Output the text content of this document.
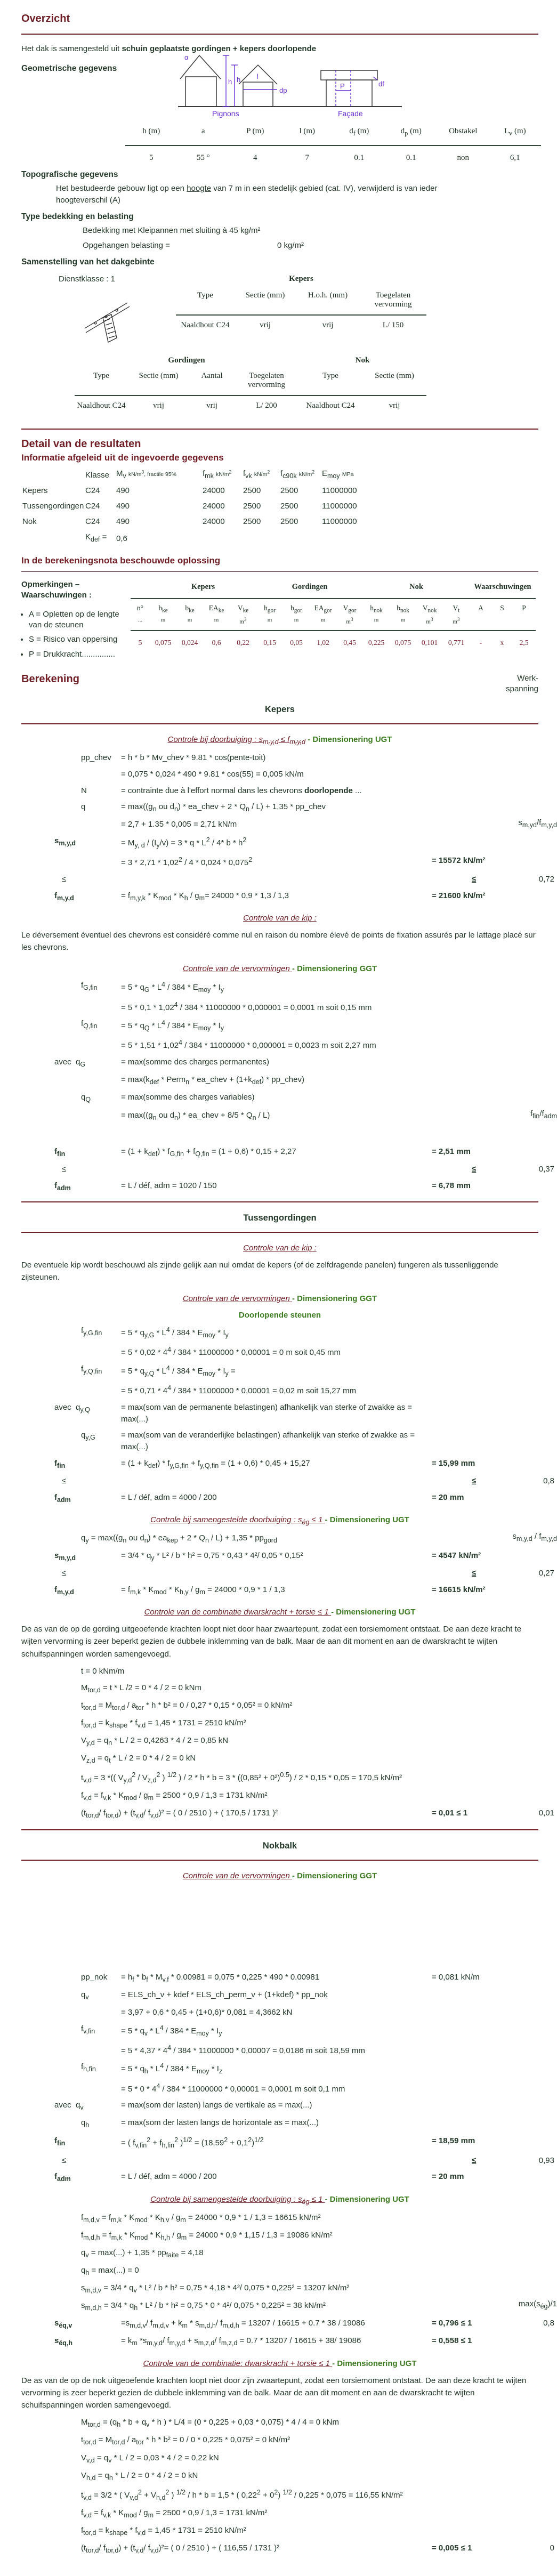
Overzicht

Het dak is samengesteld uit schuin geplaatste gordingen + kepers doorlopende

Geometrische gegevens
α
h h l
dp
P	df
Pignons	Façade
h (m)	a	P (m)	l (m)	$d_f$ (m)	$d_p$ (m)	Obstakel	$L_v$ (m)
5	55 °	4	7	0.1	0.1	non	6,1
Topografische gegevens

Het bestudeerde gebouw ligt op een hoogte van 7 m in een stedelijk gebied (cat. IV), verwijderd is van ieder hoogteverschil (A)

Type bedekking en belasting

Bedekking met Kleipannen met sluiting à 45 kg/m²

Opgehangen belasting =	0 kg/m²

Samenstelling van het dakgebinte
Dienstklasse : 1	Kepers
Type	Sectie (mm)	H.o.h. (mm)	Toegelaten vervorming
Naaldhout C24	vrij	vrij	L/ 150
Gordingen	Nok
Type	Sectie (mm)	Aantal	Toegelaten vervorming
Type	Sectie (mm)
Naaldhout C24	vrij	vrij	L/ 200	Naaldhout C24	vrij
Detail van de resultaten
Informatie afgeleid uit de ingevoerde gegevens
Klasse $M_v$ $kN/m^3$, fractile 95%	$f_{mk}$ $kN/m^2$	$f_{vk}$ $kN/m^2$	$f_{c90k}$ $kN/m^2$ $E_{moy}$ MPa
Kepers	C24	490	24000	2500	2500	11000000
Tussengordingen C24	490	24000	2500	2500	11000000
Nok	C24	490	24000	2500	2500	11000000
$K_{def}$ =	0,6
In de berekeningsnota beschouwde oplossing
Opmerkingen –
Waarschuwingen :
• A = Opletten op de lengte van de steunen
• S = Risico van oppersing
• P = Drukkracht...............
Kepers	Gordingen	Nok	Waarschuwingen
n°	$h_{ke}$	$b_{ke}$	$EA_{ke}$	$V_{ke}$	$h_{gor}$	$b_{gor}$	$EA_{gor}$	$V_{gor}$	$h_{nok}$	$b_{nok}$	$V_{nok}$	$V_t$	A	S	P
...	m	m	m	$m^3$	m	m	m	$m^3$	m	m	$m^3$	$m^3$
5	0,075	0,024	0,6	0,22	0,15	0,05	1,02	0,45	0,225	0,075	0,101	0,771	-	x	2,5
Berekening	Werk-spanning
Kepers
Controle bij doorbuiging : $s_{m,y,d} \le f_{m,y,d}$ - Dimensionering UGT
pp_chev	= h * b * Mv_chev * 9.81 * cos(pente-toit)
= 0,075 * 0,024 * 490 * 9.81 * cos(55) = 0,005 kN/m
N	= contrainte due à l'effort normal dans les chevrons doorlopende ...
q	= $\max((g_n$ ou $d_n$) * ea_chev + $2 * Q_n / L) + 1,35$ * pp_chev
= 2,7 + 1.35 * 0,005 = 2,71 kN/m	$s_{m,yd}/f_{m,y,d}$
$s_{m,y,d}$	= $M_{y, d} / (I_y/v) = 3 * q * L^2 / 4*$ b * $h^2$
= $3 * 2,71 * 1,02^2 / 4 * 0,024 * 0,075^2$	= 15572 kN/m²
≤	≤	0,72
$f_{m,y,d}$	= $f_{m,y,k} * K_{mod} * K_h / g_m= 24000 * 0,9 * 1,3 / 1,3$	= 21600 kN/m²
Controle van de kip :

Le déversement éventuel des chevrons est considéré comme nul en raison du nombre élevé de points de fixation assurés par le lattage placé sur les chevrons.

Controle van de vervormingen - Dimensionering GGT
$f_{G,fin}$	= $5 * q_G * L^4 / 384 * E_{moy} * I_y$
= 5 * 0,1 * 1,02$^4$ / 384 * 11000000 * 0,000001 = 0,0001 m soit 0,15 mm
$f_{Q,fin}$	= $5 * q_Q * L^4 / 384 * E_{moy} * I_y$
= 5 * 1,51 * 1,02$^4$ / 384 * 11000000 * 0,000001 = 0,0023 m soit 2,27 mm
avec  $q_G$	= max(somme des charges permanentes)
= $\max(k_{def}$ * Perm$_n$ * ea_chev + $(1+k_{def})$ * pp_chev)
$q_Q$	= max(somme des charges variables)
= $\max((g_n$ ou $d_n$) * ea_chev + $8/5 * Q_n / L$)	$f_{fin}/f_{adm}$
$f_{fin}$	= $(1 + k_{def}) * f_{G,fin} + f_{Q,fin} = (1 + 0,6) * 0,15 + 2,27$	= 2,51 mm
≤	≤	0,37
$f_{adm}$	= L / déf, adm = 1020 / 150	= 6,78 mm
Tussengordingen
Controle van de kip :

De eventuele kip wordt beschouwd als zijnde gelijk aan nul omdat de kepers (of de zelfdragende panelen) fungeren als tussenliggende zijsteunen.

Controle van de vervormingen - Dimensionering GGT
Doorlopende steunen
$f_{y,G,fin}$	= $5 * q_{y,G} * L^4 / 384 * E_{moy} * I_y$
= $5 * 0,02 * 4^4 / 384 * 11000000 * 0,00001 = 0$ m soit 0,45 mm
$f_{y,Q,fin}$	= $5 * q_{y,Q} * L^4 / 384 * E_{moy} * I_y$ =
= $5 * 0,71 * 4^4 / 384 * 11000000 * 0,00001 = 0,02$ m soit 15,27 mm
avec  $q_{y,Q}$	= max(som van de permanente belastingen) afhankelijk van sterke of zwakke as = max(...)
$q_{y,G}$	= max(som van de veranderlijke belastingen) afhankelijk van sterke of zwakke as = max(...)
$f_{fin}$	= $(1 + k_{def}) * f_{y,G,fin} + f_{y,Q,fin} = (1 + 0,6) * 0,45 + 15,27$	= 15,99 mm
≤	≤	0,8
$f_{adm}$	= L / déf, adm = 4000 / 200	= 20 mm
Controle bij samengestelde doorbuiging : $s_{ég} \le 1$ - Dimensionering UGT
$q_y = \max((g_n$ ou $d_n) * ea_{kep} + 2 * Q_n / L) + 1,35 * pp_{gord}$	$s_{m,y,d} / f_{m,y,d}$
$s_{m,y,d}$	= $3/4 * q_y * L^2 / b * h^2 = 0,75 * 0,43 * 4^2/$ 0,05 * 0,15²	= 4547 kN/m²
≤	≤	0,27
$f_{m,y,d}$	= $f_{m,k} * K_{mod} * K_{h,y} / g_m = 24000 * 0,9 * 1 / 1,3$	= 16615 kN/m²
Controle van de combinatie dwarskracht + torsie ≤ 1 - Dimensionering UGT

De as van de op de gording uitgeoefende krachten loopt niet door haar zwaartepunt, zodat een torsiemoment ontstaat. De aan deze kracht te wijten vervorming is zeer beperkt gezien de dubbele inklemming van de balk. Maar de aan dit moment en aan de dwarskracht te wijten schuifspanningen worden samengevoegd.

t = 0 kNm/m
$M_{tor,d} = t * L$ /2 = 0 * 4 / 2 = 0 kNm
$t_{tor,d} = M_{tor,d} / a_{tor} * h * b^2 = 0 / 0,27 * 0,15 * 0,05^2 = 0$ kN/m²
$f_{tor,d} = k_{shape} * f_{v,d} = 1,45 * 1731 = 2510$ kN/m²
$V_{y,d} = q_n * L / 2 = 0,4263 * 4 / 2 = 0,85$ kN
$V_{z,d} = q_t * L / 2 = 0 * 4 / 2 = 0$ kN
$t_{v,d} = 3$ *(( $V_{y,d}^2 / V_{z,d}^2$ ) $^{1/2}$ ) / $2 * h * b = 3 * ((0,85^2 + 0^2)^{0.5}) / 2 * 0,15 * 0,05 = 170,5$ kN/m²
$f_{v,d} = f_{v,k} * K_{mod} / g_m = 2500 * 0,9 / 1,3 = 1731$ kN/m²
($t_{tor,d}/$ $f_{tor,d}) + (t_{v,d}/$ $f_{v,d})^2$ = ( 0 / 2510 ) + ( 170,5 / 1731 )²	= 0,01 ≤ 1	0,01
Nokbalk
Controle van de vervormingen - Dimensionering GGT
pp_nok	= $h_f * b_f * M_{v,f} * 0.00981 = 0,075 * 0,225 * 490 * 0.00981$	= 0,081 kN/m
$q_v$	= ELS_ch_v + kdef * ELS_ch_perm_v + (1+kdef) * pp_nok
= 3,97 + 0,6 * 0,45 + (1+0,6)* 0,081 = 4,3662 kN
$f_{v,fin}$	= $5 * q_v * L^4 / 384 * E_{moy} * I_y$
= $5 * 4,37 * 4^4 / 384 * 11000000 * 0,00007 = 0,0186$ m soit 18,59 mm
$f_{h,fin}$	= $5 * q_h * L^4 / 384 * E_{moy} * I_z$
= $5 * 0 * 4^4 / 384 * 11000000 * 0,00001 = 0,0001$ m soit 0,1 mm
avec  $q_v$	= max(som der lasten) langs de vertikale as = max(...)
$q_h$	= max(som der lasten langs de horizontale as = max(...)
$f_{fin}$	= ( $f_{v,fin}^2 + f_{h,fin}^2$ )$^{1/2} = (18,59^2 + 0,1^2)^{1/2}$	= 18,59 mm
≤	≤	0,93
$f_{adm}$	= L / déf, adm = 4000 / 200	= 20 mm
Controle bij samengestelde doorbuiging : $s_{ég} \le 1$ - Dimensionering UGT
$f_{m,d,v} = f_{m,k} * K_{mod} * K_{h,v} / g_m = 24000 * 0,9 * 1 / 1,3 = 16615$ kN/m²
$f_{m,d,h} = f_{m,k} * K_{mod} * K_{h,h} / g_m = 24000 * 0,9 * 1,15 / 1,3 = 19086$ kN/m²
$q_v = \max(...) + 1,35 * pp_{faite} = 4,18$
$q_h = \max(...) = 0$
$s_{m,d,v} = 3/4 * q_v * L^2 / b * h^2 = 0,75 * 4,18 * 4^2/$ 0,075 * 0,225² = 13207 kN/m²
$s_{m,d,h} = 3/4 * q_h * L^2 / b * h^2 = 0,75 * 0 * 4^2/$ 0,075 * 0,225² = 38 kN/m²	$\max(s_{ég})/1$
$s_{éq,v}$	$=s_{m,d,v}/$ $f_{m,d,v} + k_m * s_{m,d,h}/$ $f_{m,d,h} = 13207 / 16615 + 0.7 * 38 / 19086$	= 0,796 ≤ 1	0,8
$s_{éq,h}$	= $k_m$ $*s_{m,y,d}/$ $f_{m,y,d} + s_{m,z,d}/$ $f_{m,z,d} = 0.7 * 13207 / 16615 + 38/$ 19086	= 0,558 ≤ 1
Controle van de combinatie: dwarskracht + torsie ≤ 1 - Dimensionering UGT

De as van de op de nok uitgeoefende krachten loopt niet door zijn zwaartepunt, zodat een torsiemoment ontstaat. De aan deze kracht te wijten vervorming is zeer beperkt gezien de dubbele inklemming van de balk. Maar de aan dit moment en aan de dwarskracht te wijten schuifspanningen worden samengevoegd.

$M_{tor,d} = (q_h * b + q_v * h$ ) * L/4 = (0 * 0,225 + 0,03 * 0,075) * 4 / 4 = 0 kNm
$t_{tor,d} = M_{tor,d} / a_{tor} * h * b^2 = 0 / 0 * 0,225 * 0,075^2 = 0$ kN/m²
$V_{v,d} = q_v * L / 2 = 0,03 * 4 / 2 = 0,22$ kN
$V_{h,d} = q_h * L / 2 = 0 * 4 / 2 = 0$ kN
$t_{v,d} = 3/2$ * ( $V_{v,d}^2 + V_{h,d}^2$ ) $^{1/2}$ / h * b = 1,5 * ( $0,22^2 + 0^2$) $^{1/2}$ / 0,225 * 0,075 = 116,55 kN/m²
$f_{v,d} = f_{v,k} * K_{mod} / g_m = 2500 * 0,9 / 1,3 = 1731$ kN/m²
$f_{tor,d} = k_{shape} * f_{v,d} = 1,45 * 1731 = 2510$ kN/m²
($t_{tor,d}/$ $f_{tor,d}) + (t_{v,d}/$ $f_{v,d})^2=$ ( 0 / 2510 ) + ( 116,55 / 1731 )²	= 0,005 ≤ 1	0
